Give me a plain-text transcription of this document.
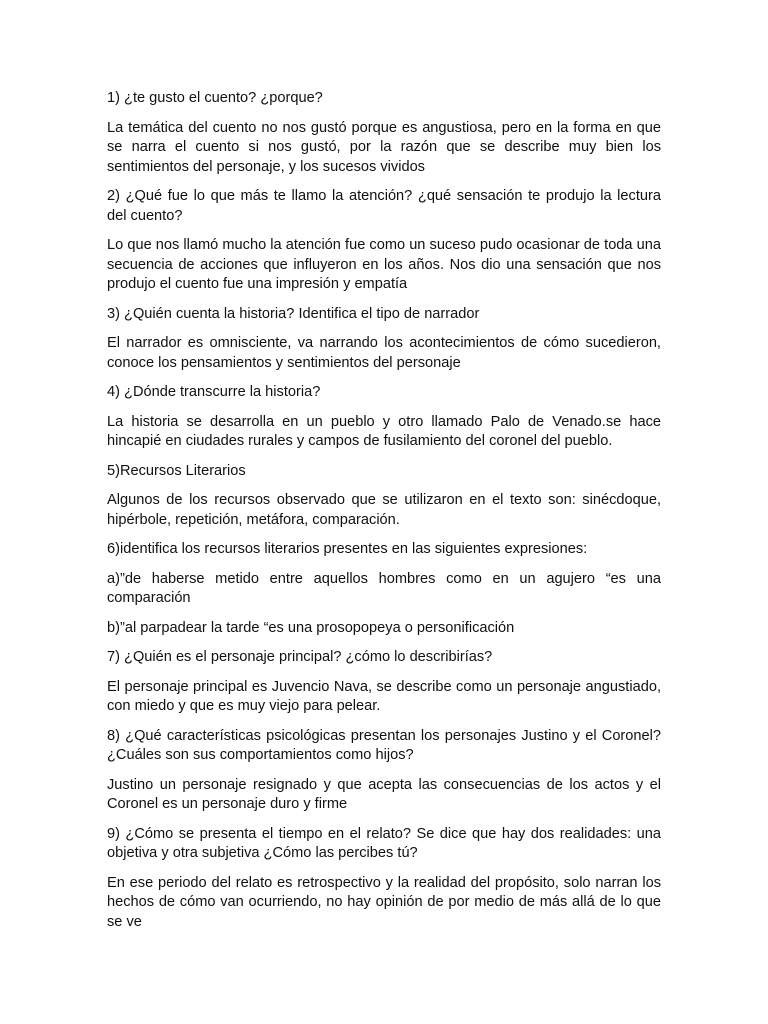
1) ¿te gusto el cuento? ¿porque?

La temática del cuento no nos gustó porque es angustiosa, pero en la forma en que se narra el cuento si nos gustó, por la razón que se describe muy bien los sentimientos del personaje, y los sucesos vividos

2) ¿Qué fue lo que más te llamo la atención? ¿qué sensación te produjo la lectura del cuento?

Lo que nos llamó mucho la atención fue como un suceso pudo ocasionar de toda una secuencia de acciones que influyeron en los años. Nos dio una sensación que nos produjo el cuento fue una impresión y empatía

3) ¿Quién cuenta la historia? Identifica el tipo de narrador

El narrador es omnisciente, va narrando los acontecimientos de cómo sucedieron, conoce los pensamientos y sentimientos del personaje

4) ¿Dónde transcurre la historia?

La historia se desarrolla en un pueblo y otro llamado Palo de Venado.se hace hincapié en ciudades rurales y campos de fusilamiento del coronel del pueblo.

5)Recursos Literarios

Algunos de los recursos observado que se utilizaron en el texto son: sinécdoque, hipérbole, repetición, metáfora, comparación.

6)identifica los recursos literarios presentes en las siguientes expresiones:

a)”de haberse metido entre aquellos hombres como en un agujero “es una comparación

b)”al parpadear la tarde “es una prosopopeya o personificación

7) ¿Quién es el personaje principal? ¿cómo lo describirías?

El personaje principal es Juvencio Nava, se describe como un personaje angustiado, con miedo y que es muy viejo para pelear.

8) ¿Qué características psicológicas presentan los personajes Justino y el Coronel? ¿Cuáles son sus comportamientos como hijos?

Justino un personaje resignado y que acepta las consecuencias de los actos y el Coronel es un personaje duro y firme

9) ¿Cómo se presenta el tiempo en el relato? Se dice que hay dos realidades: una objetiva y otra subjetiva ¿Cómo las percibes tú?

En ese periodo del relato es retrospectivo y la realidad del propósito, solo narran los hechos de cómo van ocurriendo, no hay opinión de por medio de más allá de lo que se ve
